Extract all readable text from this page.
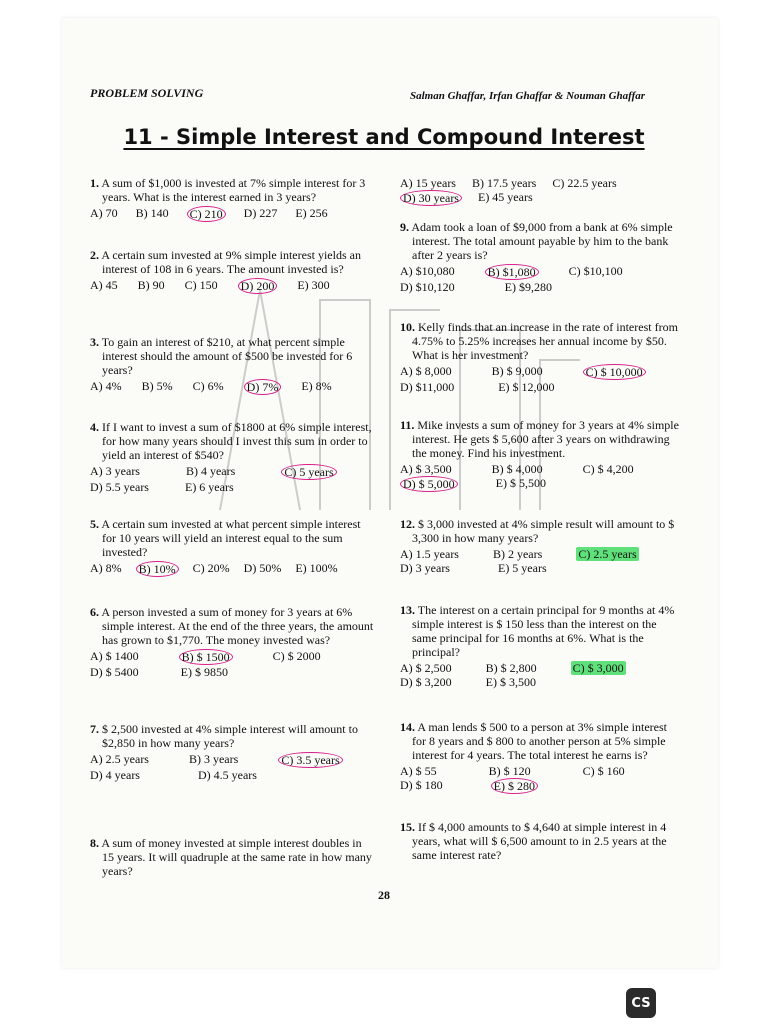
PROBLEM SOLVING	Salman Ghaffar, Irfan Ghaffar & Nouman Ghaffar
11 - Simple Interest and Compound Interest
1. A sum of $1,000 is invested at 7% simple interest for 3 years. What is the interest earned in 3 years?
A) 70 B) 140 C) 210 D) 227 E) 256
2. A certain sum invested at 9% simple interest yields an interest of 108 in 6 years. The amount invested is?
A) 45 B) 90 C) 150 D) 200 E) 300
3. To gain an interest of $210, at what percent simple interest should the amount of $500 be invested for 6 years?
A) 4% B) 5% C) 6% D) 7% E) 8%
4. If I want to invest a sum of $1800 at 6% simple interest, for how many years should I invest this sum in order to yield an interest of $540?
A) 3 years	B) 4 years	C) 5 years
D) 5.5 years	E) 6 years
5. A certain sum invested at what percent simple interest for 10 years will yield an interest equal to the sum invested?
A) 8% B) 10% C) 20% D) 50% E) 100%
6. A person invested a sum of money for 3 years at 6% simple interest. At the end of the three years, the amount has grown to $1,770. The money invested was?
A) $ 1400	B) $ 1500	C) $ 2000
D) $ 5400	E) $ 9850
7. $ 2,500 invested at 4% simple interest will amount to $2,850 in how many years?
A) 2.5 years	B) 3 years	C) 3.5 years
D) 4 years	D) 4.5 years
8. A sum of money invested at simple interest doubles in 15 years. It will quadruple at the same rate in how many years?
A) 15 years B) 17.5 years C) 22.5 years
D) 30 years E) 45 years
9. Adam took a loan of $9,000 from a bank at 6% simple interest. The total amount payable by him to the bank after 2 years is?
A) $10,080	B) $1,080	C) $10,100
D) $10,120	E) $9,280
10. Kelly finds that an increase in the rate of interest from 4.75% to 5.25% increases her annual income by $50. What is her investment?
A) $ 8,000	B) $ 9,000	C) $ 10,000
D) $11,000	E) $ 12,000
11. Mike invests a sum of money for 3 years at 4% simple interest. He gets $ 5,600 after 3 years on withdrawing the money. Find his investment.
A) $ 3,500	B) $ 4,000	C) $ 4,200
D) $ 5,000	E) $ 5,500
12. $ 3,000 invested at 4% simple result will amount to $ 3,300 in how many years?
A) 1.5 years	B) 2 years	C) 2.5 years
D) 3 years	E) 5 years
13. The interest on a certain principal for 9 months at 4% simple interest is $ 150 less than the interest on the same principal for 16 months at 6%. What is the principal?
A) $ 2,500	B) $ 2,800	C) $ 3,000
D) $ 3,200	E) $ 3,500
14. A man lends $ 500 to a person at 3% simple interest for 8 years and $ 800 to another person at 5% simple interest for 4 years. The total interest he earns is?
A) $ 55	B) $ 120	C) $ 160
D) $ 180	E) $ 280
15. If $ 4,000 amounts to $ 4,640 at simple interest in 4 years, what will $ 6,500 amount to in 2.5 years at the same interest rate?
28
CS
